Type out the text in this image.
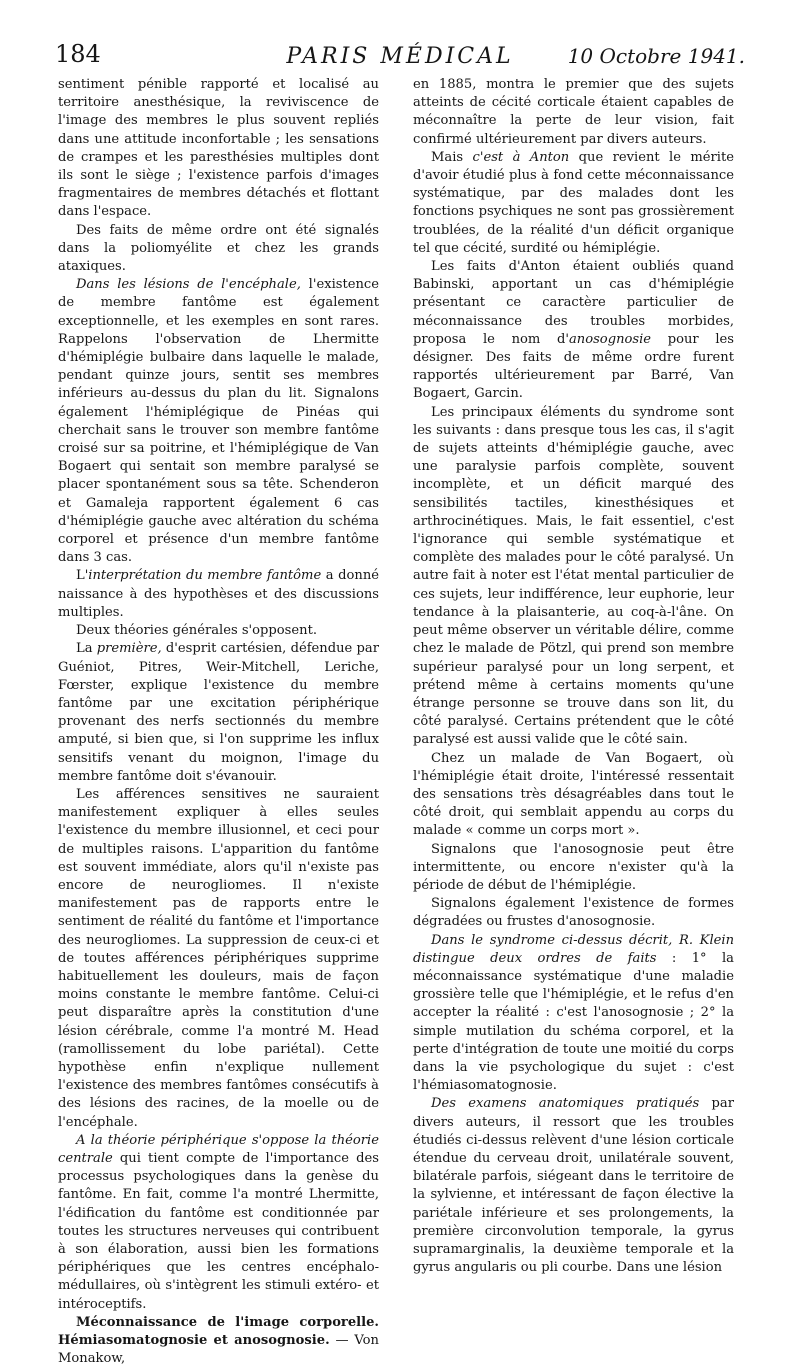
184	PARIS MÉDICAL	10 Octobre 1941.

sentiment pénible rapporté et localisé au territoire anesthésique, la reviviscence de l'image des membres le plus souvent repliés dans une attitude inconfortable ; les sensations de crampes et les paresthésies multiples dont ils sont le siège ; l'existence parfois d'images fragmentaires de membres détachés et flottant dans l'espace.

Des faits de même ordre ont été signalés dans la poliomyélite et chez les grands ataxiques.

Dans les lésions de l'encéphale, l'existence de membre fantôme est également exceptionnelle, et les exemples en sont rares. Rappelons l'observation de Lhermitte d'hémiplégie bulbaire dans laquelle le malade, pendant quinze jours, sentit ses membres inférieurs au-dessus du plan du lit. Signalons également l'hémiplégique de Pinéas qui cherchait sans le trouver son membre fantôme croisé sur sa poitrine, et l'hémiplégique de Van Bogaert qui sentait son membre paralysé se placer spontanément sous sa tête. Schenderon et Gamaleja rapportent également 6 cas d'hémiplégie gauche avec altération du schéma corporel et présence d'un membre fantôme dans 3 cas.

L'interprétation du membre fantôme a donné naissance à des hypothèses et des discussions multiples.

Deux théories générales s'opposent.

La première, d'esprit cartésien, défendue par Guéniot, Pitres, Weir-Mitchell, Leriche, Fœrster, explique l'existence du membre fantôme par une excitation périphérique provenant des nerfs sectionnés du membre amputé, si bien que, si l'on supprime les influx sensitifs venant du moignon, l'image du membre fantôme doit s'évanouir.

Les afférences sensitives ne sauraient manifestement expliquer à elles seules l'existence du membre illusionnel, et ceci pour de multiples raisons. L'apparition du fantôme est souvent immédiate, alors qu'il n'existe pas encore de neurogliomes. Il n'existe manifestement pas de rapports entre le sentiment de réalité du fantôme et l'importance des neurogliomes. La suppression de ceux-ci et de toutes afférences périphériques supprime habituellement les douleurs, mais de façon moins constante le membre fantôme. Celui-ci peut disparaître après la constitution d'une lésion cérébrale, comme l'a montré M. Head (ramollissement du lobe pariétal). Cette hypothèse enfin n'explique nullement l'existence des membres fantômes consécutifs à des lésions des racines, de la moelle ou de l'encéphale.

A la théorie périphérique s'oppose la théorie centrale qui tient compte de l'importance des processus psychologiques dans la genèse du fantôme. En fait, comme l'a montré Lhermitte, l'édification du fantôme est conditionnée par toutes les structures nerveuses qui contribuent à son élaboration, aussi bien les formations périphériques que les centres encéphalo-médullaires, où s'intègrent les stimuli extéro- et intéroceptifs.

Méconnaissance de l'image corporelle. Hémiasomatognosie et anosognosie. — Von Monakow,

en 1885, montra le premier que des sujets atteints de cécité corticale étaient capables de méconnaître la perte de leur vision, fait confirmé ultérieurement par divers auteurs.

Mais c'est à Anton que revient le mérite d'avoir étudié plus à fond cette méconnaissance systématique, par des malades dont les fonctions psychiques ne sont pas grossièrement troublées, de la réalité d'un déficit organique tel que cécité, surdité ou hémiplégie.

Les faits d'Anton étaient oubliés quand Babinski, apportant un cas d'hémiplégie présentant ce caractère particulier de méconnaissance des troubles morbides, proposa le nom d'anosognosie pour les désigner. Des faits de même ordre furent rapportés ultérieurement par Barré, Van Bogaert, Garcin.

Les principaux éléments du syndrome sont les suivants : dans presque tous les cas, il s'agit de sujets atteints d'hémiplégie gauche, avec une paralysie parfois complète, souvent incomplète, et un déficit marqué des sensibilités tactiles, kinesthésiques et arthrocinétiques. Mais, le fait essentiel, c'est l'ignorance qui semble systématique et complète des malades pour le côté paralysé. Un autre fait à noter est l'état mental particulier de ces sujets, leur indifférence, leur euphorie, leur tendance à la plaisanterie, au coq-à-l'âne. On peut même observer un véritable délire, comme chez le malade de Pötzl, qui prend son membre supérieur paralysé pour un long serpent, et prétend même à certains moments qu'une étrange personne se trouve dans son lit, du côté paralysé. Certains prétendent que le côté paralysé est aussi valide que le côté sain.

Chez un malade de Van Bogaert, où l'hémiplégie était droite, l'intéressé ressentait des sensations très désagréables dans tout le côté droit, qui semblait appendu au corps du malade « comme un corps mort ».

Signalons que l'anosognosie peut être intermittente, ou encore n'exister qu'à la période de début de l'hémiplégie.

Signalons également l'existence de formes dégradées ou frustes d'anosognosie.

Dans le syndrome ci-dessus décrit, R. Klein distingue deux ordres de faits : 1° la méconnaissance systématique d'une maladie grossière telle que l'hémiplégie, et le refus d'en accepter la réalité : c'est l'anosognosie ; 2° la simple mutilation du schéma corporel, et la perte d'intégration de toute une moitié du corps dans la vie psychologique du sujet : c'est l'hémiasomatognosie.

Des examens anatomiques pratiqués par divers auteurs, il ressort que les troubles étudiés ci-dessus relèvent d'une lésion corticale étendue du cerveau droit, unilatérale souvent, bilatérale parfois, siégeant dans le territoire de la sylvienne, et intéressant de façon élective la pariétale inférieure et ses prolongements, la première circonvolution temporale, la gyrus supramarginalis, la deuxième temporale et la gyrus angularis ou pli courbe. Dans une lésion
